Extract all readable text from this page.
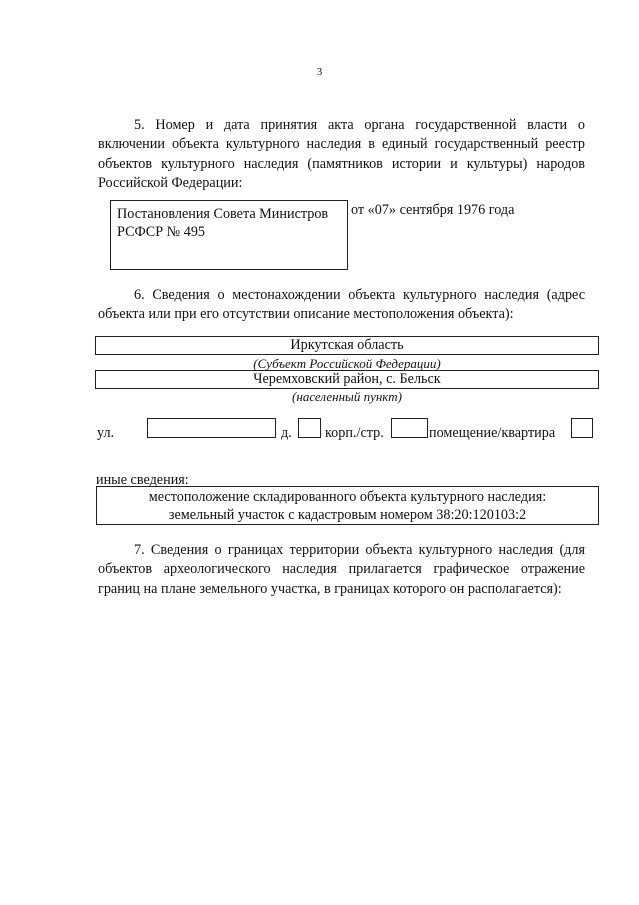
3
5. Номер и дата принятия акта органа государственной власти о включении объекта культурного наследия в единый государственный реестр объектов культурного наследия (памятников истории и культуры) народов Российской Федерации:
Постановления Совета Министров
РСФСР № 495
от «07» сентября 1976 года
6. Сведения о местонахождении объекта культурного наследия (адрес объекта или при его отсутствии описание местоположения объекта):
Иркутская область
(Субъект Российской Федерации)
Черемховский район, с. Бельск
(населенный пункт)
ул.	д. корп./стр.	помещение/квартира
иные сведения:
местоположение складированного объекта культурного наследия:
земельный участок с кадастровым номером 38:20:120103:2
7. Сведения о границах территории объекта культурного наследия (для объектов археологического наследия прилагается графическое отражение границ на плане земельного участка, в границах которого он располагается):
